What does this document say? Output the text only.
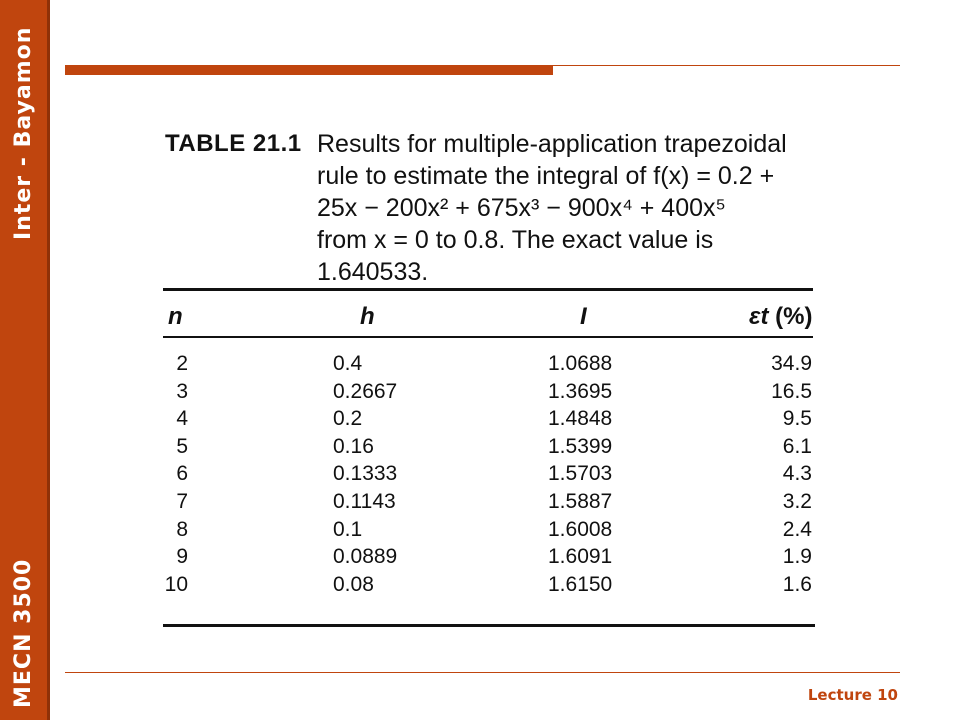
Inter - Bayamon
MECN 3500
TABLE 21.1 Results for multiple-application trapezoidal
rule to estimate the integral of f(x) = 0.2 +
25x − 200x² + 675x³ − 900x⁴ + 400x⁵
from x = 0 to 0.8. The exact value is
1.640533.
n	h	I	εt (%)
2	0.4	1.0688	34.9
3	0.2667	1.3695	16.5
4	0.2	1.4848	9.5
5	0.16	1.5399	6.1
6	0.1333	1.5703	4.3
7	0.1143	1.5887	3.2
8	0.1	1.6008	2.4
9	0.0889	1.6091	1.9
10	0.08	1.6150	1.6
Lecture 10
